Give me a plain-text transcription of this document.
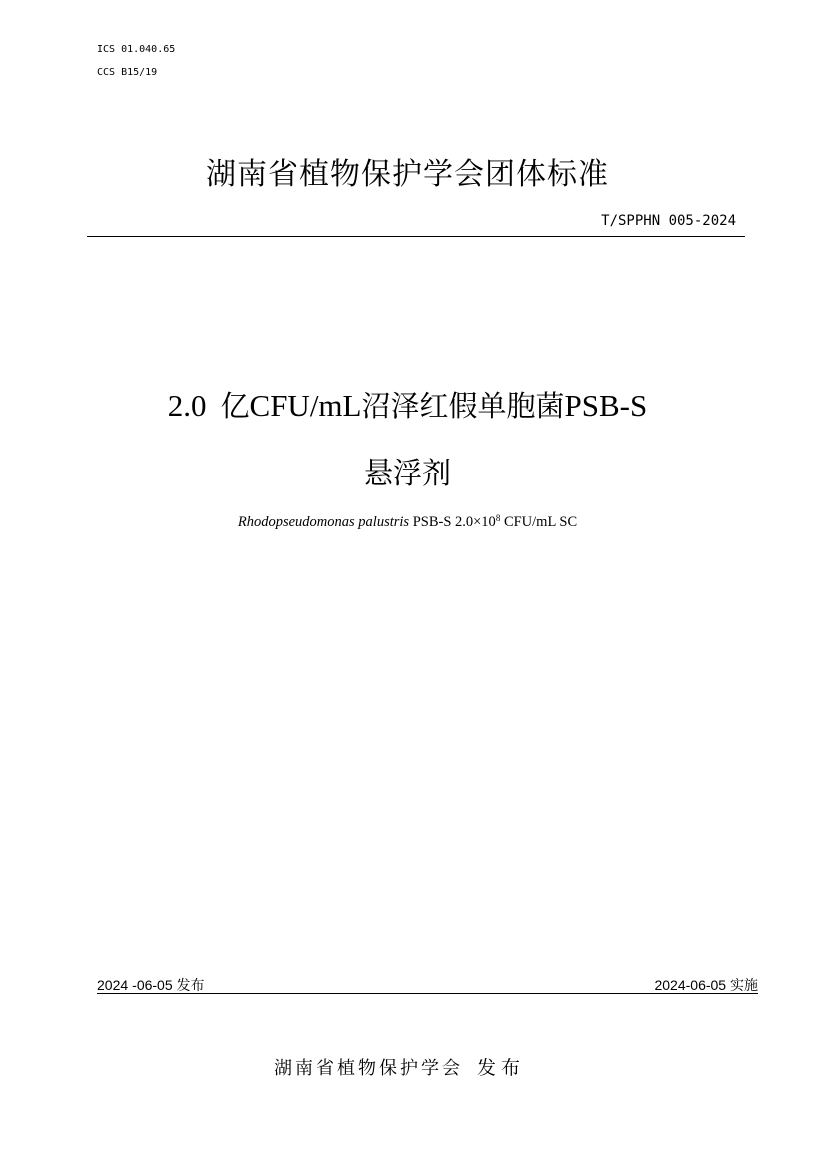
ICS 01.040.65
CCS B15/19
湖南省植物保护学会团体标准
T/SPPHN 005-2024
2.0 亿CFU/mL沼泽红假单胞菌PSB-S
悬浮剂
Rhodopseudomonas palustris PSB-S $2.0\times 10^8$ CFU/mL SC
2024 -06-05 发布	2024-06-05 实施
湖南省植物保护学会 发布
